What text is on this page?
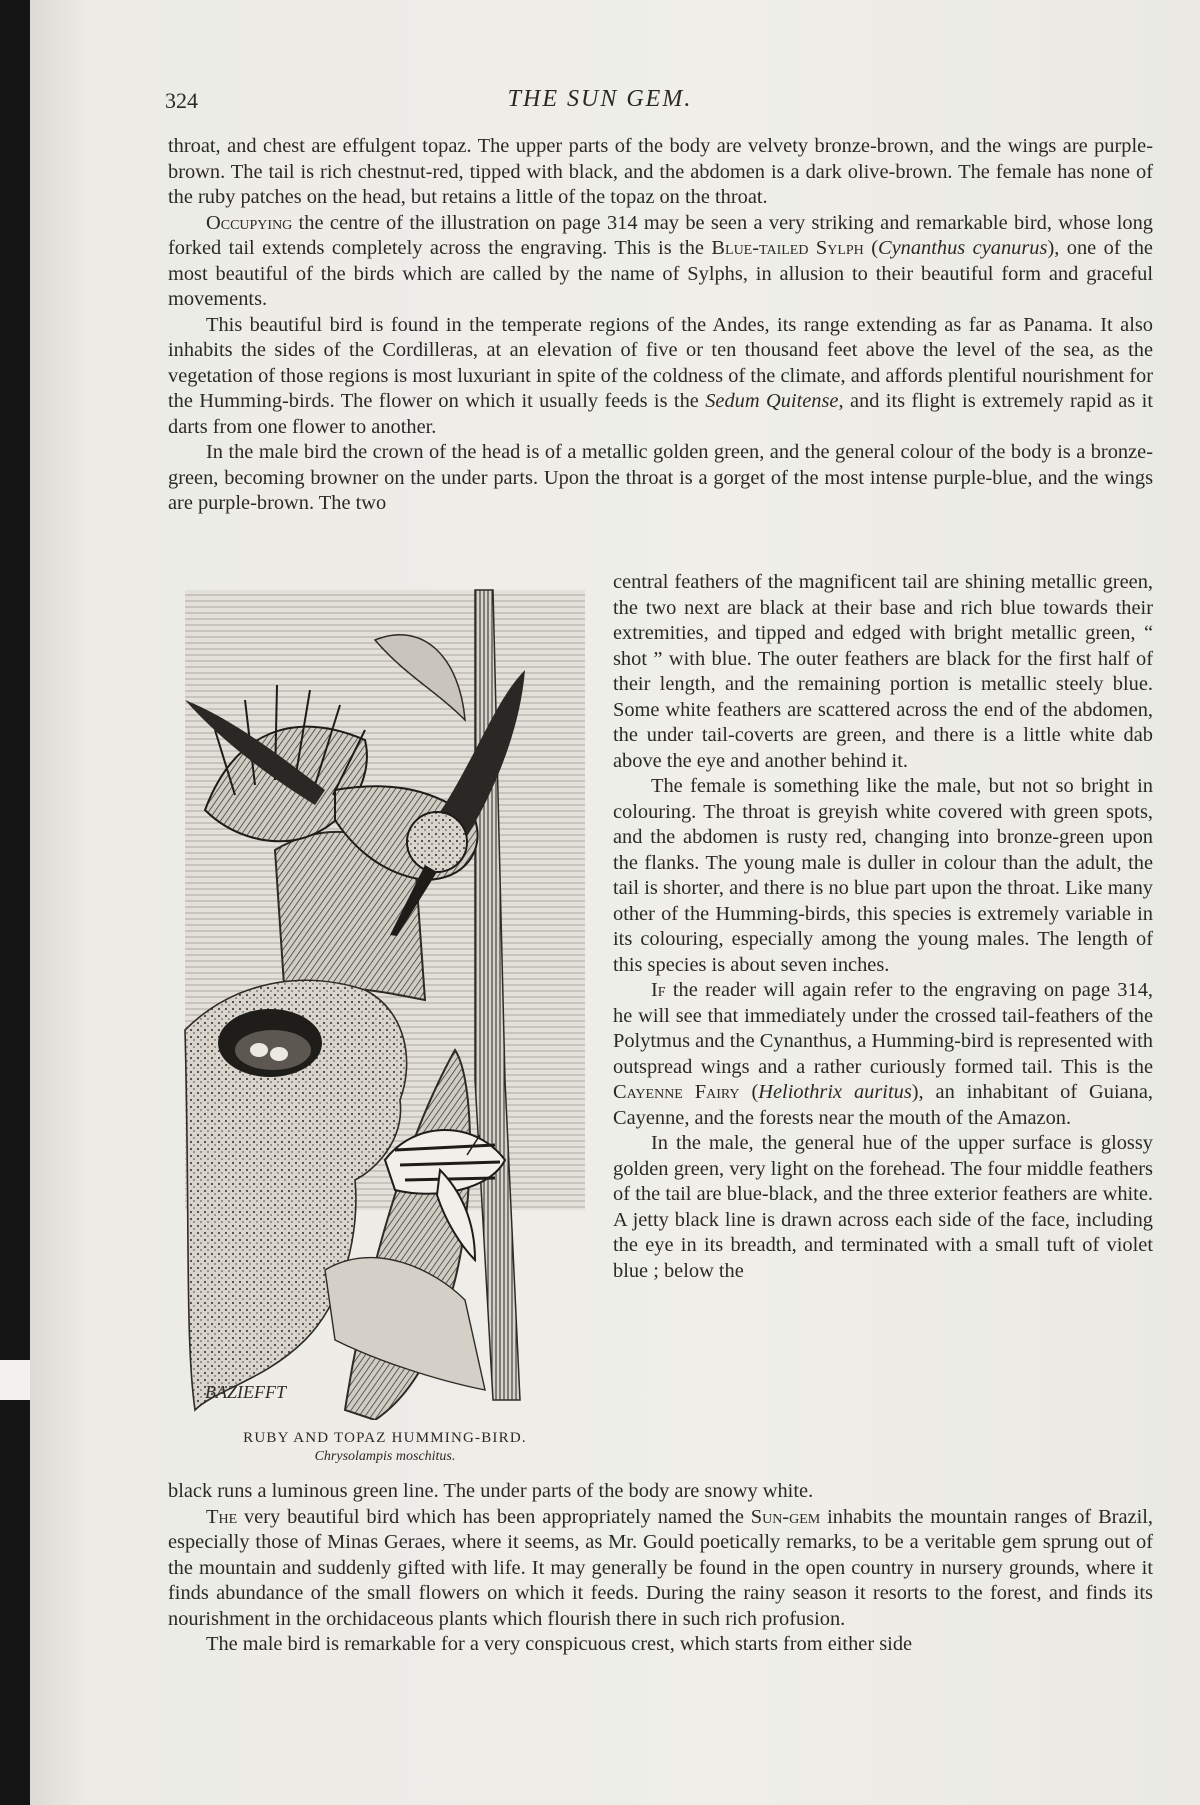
324	THE SUN GEM.

throat, and chest are effulgent topaz. The upper parts of the body are velvety bronze-brown, and the wings are purple-brown. The tail is rich chestnut-red, tipped with black, and the abdomen is a dark olive-brown. The female has none of the ruby patches on the head, but retains a little of the topaz on the throat.

Occupying the centre of the illustration on page 314 may be seen a very striking and remarkable bird, whose long forked tail extends completely across the engraving. This is the Blue-tailed Sylph (Cynanthus cyanurus), one of the most beautiful of the birds which are called by the name of Sylphs, in allusion to their beautiful form and graceful movements.

This beautiful bird is found in the temperate regions of the Andes, its range extending as far as Panama. It also inhabits the sides of the Cordilleras, at an elevation of five or ten thousand feet above the level of the sea, as the vegetation of those regions is most luxuriant in spite of the coldness of the climate, and affords plentiful nourishment for the Humming-birds. The flower on which it usually feeds is the Sedum Quitense, and its flight is extremely rapid as it darts from one flower to another.

In the male bird the crown of the head is of a metallic golden green, and the general colour of the body is a bronze-green, becoming browner on the under parts. Upon the throat is a gorget of the most intense purple-blue, and the wings are purple-brown. The two

BAZIEFFT
RUBY AND TOPAZ HUMMING-BIRD.
Chrysolampis moschitus.

central feathers of the magnificent tail are shining metallic green, the two next are black at their base and rich blue towards their extremities, and tipped and edged with bright metallic green, “ shot ” with blue. The outer feathers are black for the first half of their length, and the remaining portion is metallic steely blue. Some white feathers are scattered across the end of the abdomen, the under tail-coverts are green, and there is a little white dab above the eye and another behind it.

The female is something like the male, but not so bright in colouring. The throat is greyish white covered with green spots, and the abdomen is rusty red, changing into bronze-green upon the flanks. The young male is duller in colour than the adult, the tail is shorter, and there is no blue part upon the throat. Like many other of the Humming-birds, this species is extremely variable in its colouring, especially among the young males. The length of this species is about seven inches.

If the reader will again refer to the engraving on page 314, he will see that immediately under the crossed tail-feathers of the Polytmus and the Cynanthus, a Humming-bird is represented with outspread wings and a rather curiously formed tail. This is the Cayenne Fairy (Heliothrix auritus), an inhabitant of Guiana, Cayenne, and the forests near the mouth of the Amazon.

In the male, the general hue of the upper surface is glossy golden green, very light on the forehead. The four middle feathers of the tail are blue-black, and the three exterior feathers are white. A jetty black line is drawn across each side of the face, including the eye in its breadth, and terminated with a small tuft of violet blue ; below the

black runs a luminous green line. The under parts of the body are snowy white.

The very beautiful bird which has been appropriately named the Sun-gem inhabits the mountain ranges of Brazil, especially those of Minas Geraes, where it seems, as Mr. Gould poetically remarks, to be a veritable gem sprung out of the mountain and suddenly gifted with life. It may generally be found in the open country in nursery grounds, where it finds abundance of the small flowers on which it feeds. During the rainy season it resorts to the forest, and finds its nourishment in the orchidaceous plants which flourish there in such rich profusion.

The male bird is remarkable for a very conspicuous crest, which starts from either side
